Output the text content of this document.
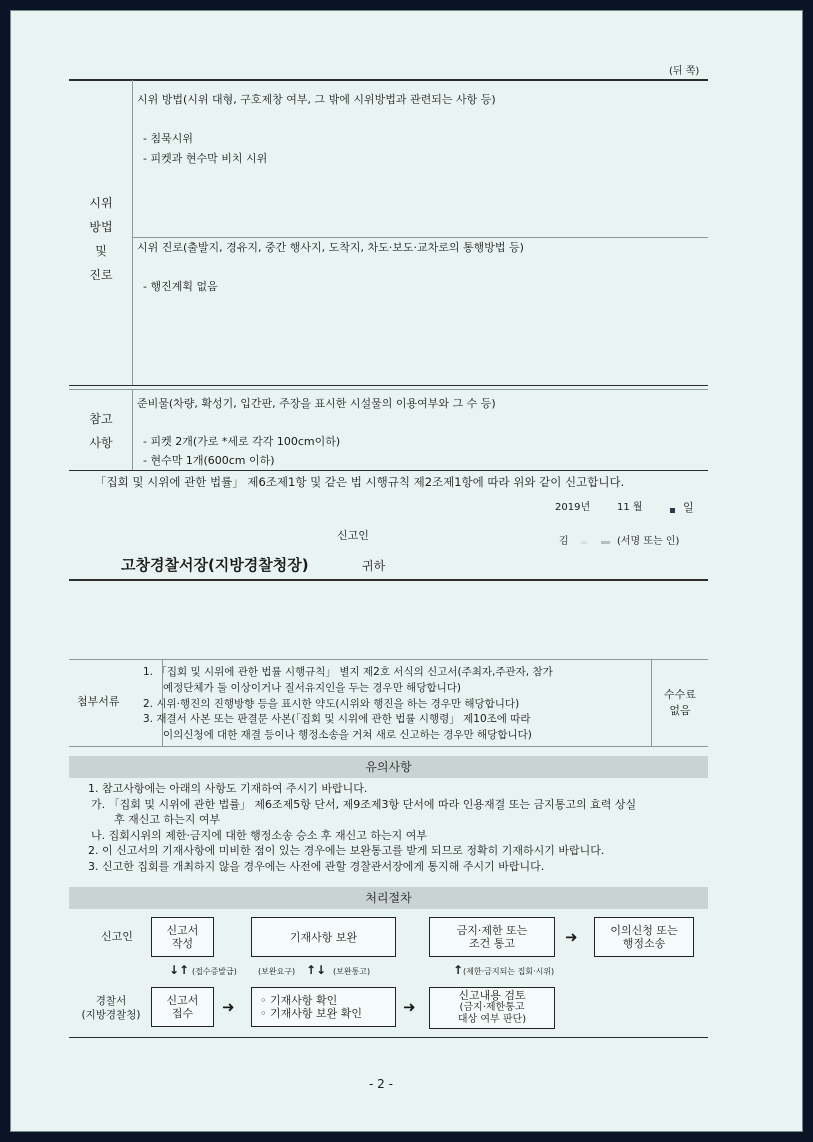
(뒤 쪽)
시위
방법
및
진로
시위 방법(시위 대형, 구호제창 여부, 그 밖에 시위방법과 관련되는 사항 등)
- 침묵시위
- 피켓과 현수막 비치 시위
시위 진로(출발지, 경유지, 중간 행사지, 도착지, 차도·보도·교차로의 통행방법 등)
- 행진계획 없음
참고
사항
준비물(차량, 확성기, 입간판, 주장을 표시한 시설물의 이용여부와 그 수 등)
- 피켓 2개(가로 *세로 각각 100cm이하)
- 현수막 1개(600cm 이하)
「집회 및 시위에 관한 법률」 제6조제1항 및 같은 법 시행규칙 제2조제1항에 따라 위와 같이 신고합니다.
2019년	11 월	일
신고인	김	(서명 또는 인)
고창경찰서장(지방경찰청장)	귀하
첨부서류
1. 「집회 및 시위에 관한 법률 시행규칙」 별지 제2호 서식의 신고서(주최자,주관자, 참가
예정단체가 둘 이상이거나 질서유지인을 두는 경우만 해당합니다)
2. 시위·행진의 진행방향 등을 표시한 약도(시위와 행진을 하는 경우만 해당합니다)
3. 재결서 사본 또는 판결문 사본(「집회 및 시위에 관한 법률 시행령」 제10조에 따라
이의신청에 대한 재결 등이나 행정소송을 거쳐 새로 신고하는 경우만 해당합니다)
수수료
없음
유의사항
1. 참고사항에는 아래의 사항도 기재하여 주시기 바랍니다.
가. 「집회 및 시위에 관한 법률」 제6조제5항 단서, 제9조제3항 단서에 따라 인용재결 또는 금지통고의 효력 상실
후 재신고 하는지 여부
나. 집회시위의 제한·금지에 대한 행정소송 승소 후 재신고 하는지 여부
2. 이 신고서의 기재사항에 미비한 점이 있는 경우에는 보완통고를 받게 되므로 정확히 기재하시기 바랍니다.
3. 신고한 집회를 개최하지 않을 경우에는 사전에 관할 경찰관서장에게 통지해 주시기 바랍니다.
처리절차
신고인	신고서
작성	기재사항 보완	금지·제한 또는
조건 통고	➜	이의신청 또는
행정소송
↓↑ (접수증발급)	(보완요구) ↑↓ (보완통고)	↑ (제한·금지되는 집회·시위)
경찰서
(지방경찰청)
신고서
접수 ➜ ◦ 기재사항 확인
◦ 기재사항 보완 확인	➜
신고내용 검토
(금지·제한통고
대상 여부 판단)
- 2 -
